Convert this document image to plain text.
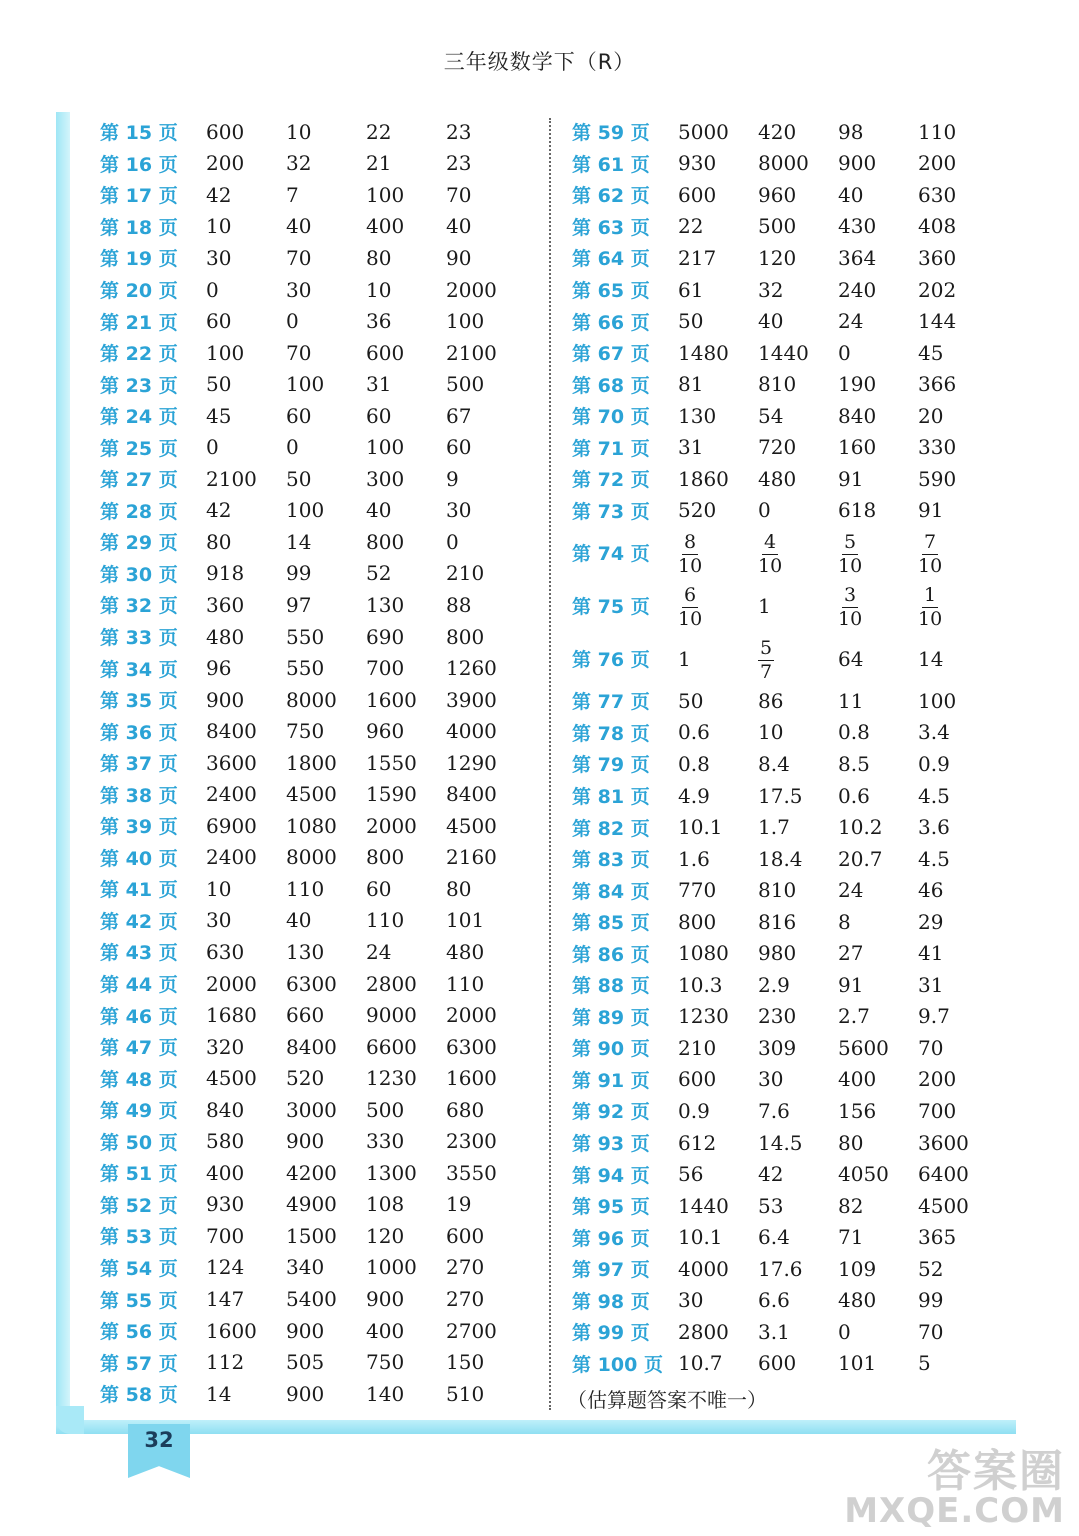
三年级数学下（R）
第 15 页	600	10	22	23
第 16 页	200	32	21	23
第 17 页	42	7	100	70
第 18 页	10	40	400	40
第 19 页	30	70	80	90
第 20 页	0	30	10	2000
第 21 页	60	0	36	100
第 22 页	100	70	600	2100
第 23 页	50	100	31	500
第 24 页	45	60	60	67
第 25 页	0	0	100	60
第 27 页	2100	50	300	9
第 28 页	42	100	40	30
第 29 页	80	14	800	0
第 30 页	918	99	52	210
第 32 页	360	97	130	88
第 33 页	480	550	690	800
第 34 页	96	550	700	1260
第 35 页	900	8000	1600	3900
第 36 页	8400	750	960	4000
第 37 页	3600	1800	1550	1290
第 38 页	2400	4500	1590	8400
第 39 页	6900	1080	2000	4500
第 40 页	2400	8000	800	2160
第 41 页	10	110	60	80
第 42 页	30	40	110	101
第 43 页	630	130	24	480
第 44 页	2000	6300	2800	110
第 46 页	1680	660	9000	2000
第 47 页	320	8400	6600	6300
第 48 页	4500	520	1230	1600
第 49 页	840	3000	500	680
第 50 页	580	900	330	2300
第 51 页	400	4200	1300	3550
第 52 页	930	4900	108	19
第 53 页	700	1500	120	600
第 54 页	124	340	1000	270
第 55 页	147	5400	900	270
第 56 页	1600	900	400	2700
第 57 页	112	505	750	150
第 58 页	14	900	140	510
第 59 页	5000	420	98	110
第 61 页	930	8000	900	200
第 62 页	600	960	40	630
第 63 页	22	500	430	408
第 64 页	217	120	364	360
第 65 页	61	32	240	202
第 66 页	50	40	24	144
第 67 页	1480	1440	0	45
第 68 页	81	810	190	366
第 70 页	130	54	840	20
第 71 页	31	720	160	330
第 72 页	1860	480	91	590
第 73 页	520	0	618	91
第 74 页	$\frac{8}{10}$	$\frac{4}{10}$	$\frac{5}{10}$	$\frac{7}{10}$
第 75 页	$\frac{6}{10}$	1	$\frac{3}{10}$	$\frac{1}{10}$
第 76 页	1	$\frac{5}{7}$	64	14
第 77 页	50	86	11	100
第 78 页	0.6	10	0.8	3.4
第 79 页	0.8	8.4	8.5	0.9
第 81 页	4.9	17.5	0.6	4.5
第 82 页	10.1	1.7	10.2	3.6
第 83 页	1.6	18.4	20.7	4.5
第 84 页	770	810	24	46
第 85 页	800	816	8	29
第 86 页	1080	980	27	41
第 88 页	10.3	2.9	91	31
第 89 页	1230	230	2.7	9.7
第 90 页	210	309	5600	70
第 91 页	600	30	400	200
第 92 页	0.9	7.6	156	700
第 93 页	612	14.5	80	3600
第 94 页	56	42	4050	6400
第 95 页	1440	53	82	4500
第 96 页	10.1	6.4	71	365
第 97 页	4000	17.6	109	52
第 98 页	30	6.6	480	99
第 99 页	2800	3.1	0	70
第 100 页 10.7	600	101	5
（估算题答案不唯一）
32
答案圈
MXQE.COM
